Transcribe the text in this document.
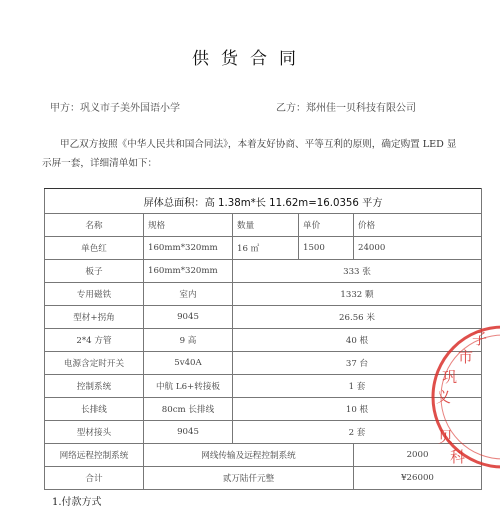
供货合同
甲方：巩义市子美外国语小学	乙方：郑州佳一贝科技有限公司
甲乙双方按照《中华人民共和国合同法》，本着友好协商、平等互利的原则，确定购置 LED 显示屏一套，详细清单如下：
屏体总面积：高 1.38m*长 11.62m=16.0356 平方				
名称	规格	数量	单价	价格
单色红	160mm*320mm	16 ㎡	1500	24000
板子	160mm*320mm	333 张		
专用磁铁	室内	1332 颗		
型材+拐角	9045	26.56 米		
2*4 方管	9 高	40 根		
电源含定时开关	5v40A	37 台		
控制系统	中航 L6+转接板	1 套		
长排线	80cm 长排线	10 根		
型材接头	9045	2 套		
网络远程控制系统	网线传输及远程控制系统			2000
合计	贰万陆仟元整			¥26000
1.付款方式
巩
义
市
子
贝
科
